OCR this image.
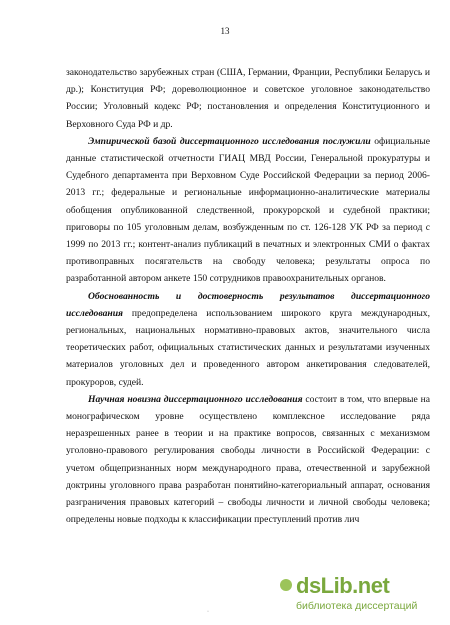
13

законодательство зарубежных стран (США, Германии, Франции, Республики Беларусь и др.); Конституция РФ; дореволюционное и советское уголовное законодательство России; Уголовный кодекс РФ; постановления и определения Конституционного и Верховного Суда РФ и др.

Эмпирической базой диссертационного исследования послужили официальные данные статистической отчетности ГИАЦ МВД России, Генеральной прокуратуры и Судебного департамента при Верховном Суде Российской Федерации за период 2006-2013 гг.; федеральные и региональные информационно-аналитические материалы обобщения опубликованной следственной, прокурорской и судебной практики; приговоры по 105 уголовным делам, возбужденным по ст. 126-128 УК РФ за период с 1999 по 2013 гг.; контент-анализ публикаций в печатных и электронных СМИ о фактах противоправных посягательств на свободу человека; результаты опроса по разработанной автором анкете 150 сотрудников правоохранительных органов.

Обоснованность и достоверность результатов диссертационного исследования предопределена использованием широкого круга международных, региональных, национальных нормативно-правовых актов, значительного числа теоретических работ, официальных статистических данных и результатами изученных материалов уголовных дел и проведенного автором анкетирования следователей, прокуроров, судей.

Научная новизна диссертационного исследования состоит в том, что впервые на монографическом уровне осуществлено комплексное исследование ряда неразрешенных ранее в теории и на практике вопросов, связанных с механизмом уголовно-правового регулирования свободы личности в Российской Федерации: с учетом общепризнанных норм международного права, отечественной и зарубежной доктрины уголовного права разработан понятийно-категориальный аппарат, основания разграничения правовых категорий – свободы личности и личной свободы человека; определены новые подходы к классификации преступлений против лич

dsLib.net
библиотека диссертаций
·
